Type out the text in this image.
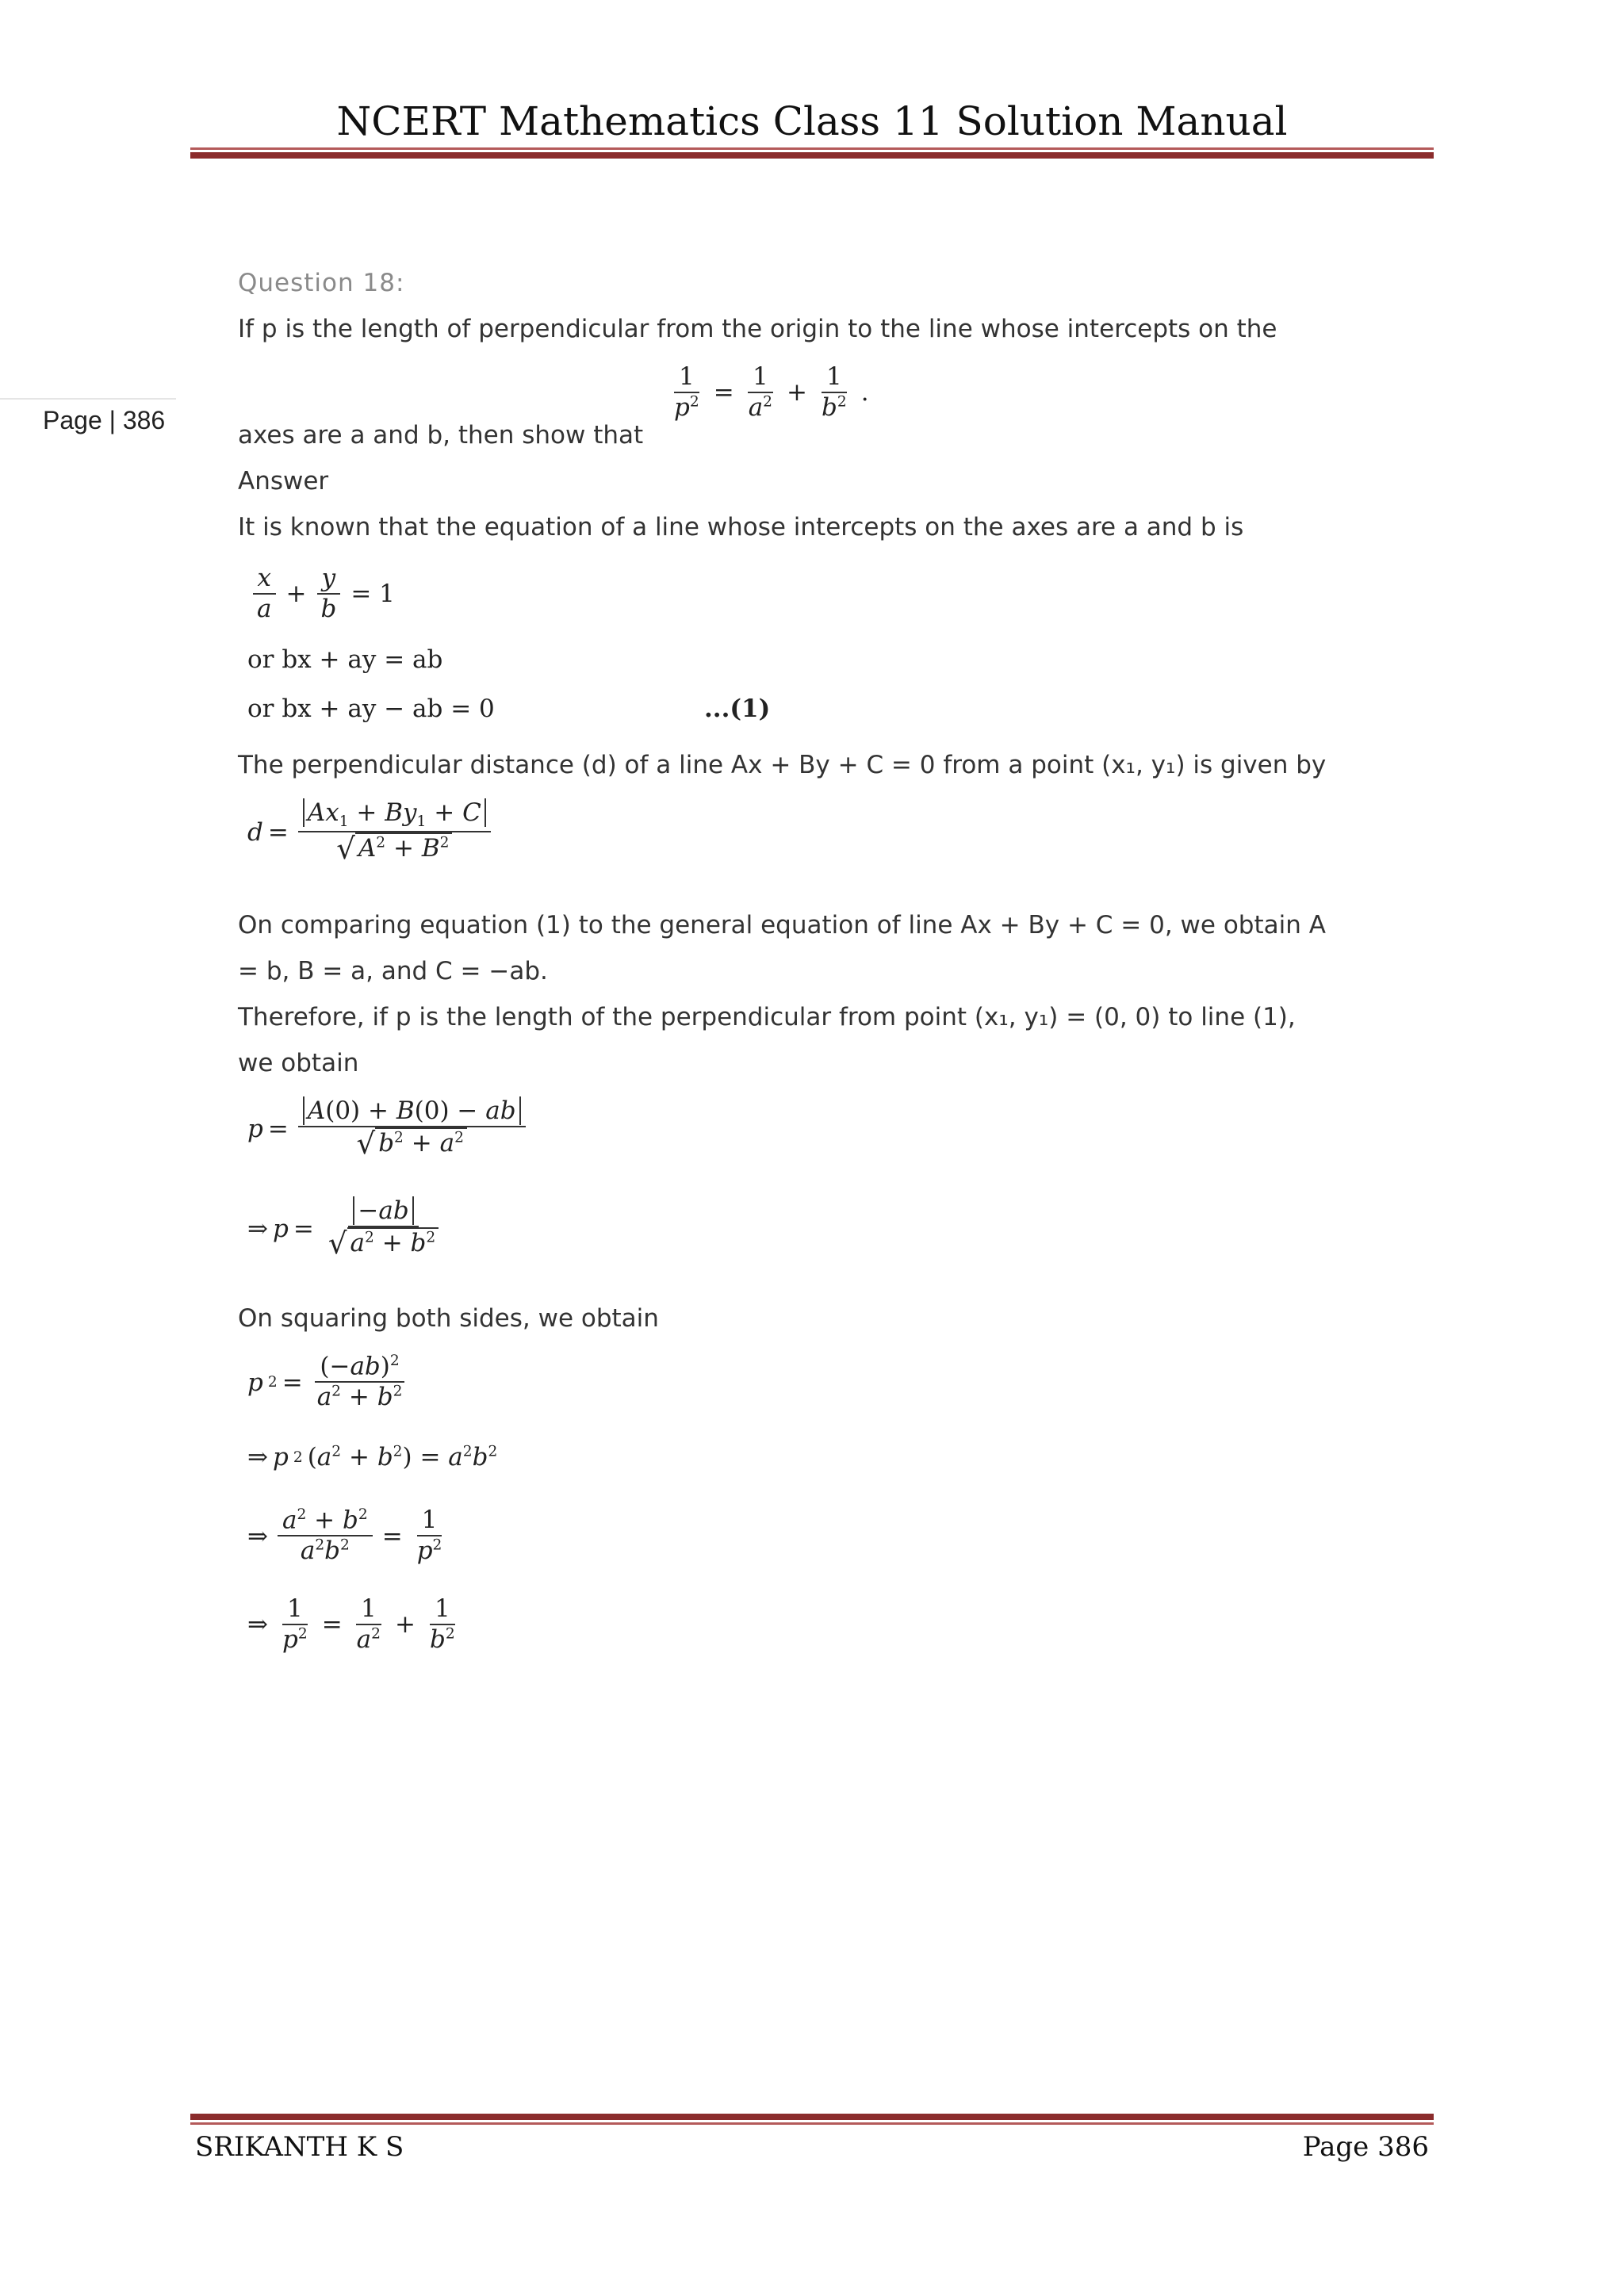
NCERT Mathematics Class 11 Solution Manual
Page | 386
Question 18:
If p is the length of perpendicular from the origin to the line whose intercepts on the
axes are a and b, then show that
$\frac{1}{p^2} = \frac{1}{a^2} + \frac{1}{b^2}$ .
Answer
It is known that the equation of a line whose intercepts on the axes are a and b is
$\frac{x}{a} + \frac{y}{b} = 1$
or bx + ay = ab
or bx + ay − ab = 0	...(1)
The perpendicular distance (d) of a line Ax + By + C = 0 from a point (x₁, y₁) is given by
$d = \frac{Ax_1 + By_1 + C}{√ A^2 + B^2}$
On comparing equation (1) to the general equation of line Ax + By + C = 0, we obtain A
= b, B = a, and C = −ab.
Therefore, if p is the length of the perpendicular from point (x₁, y₁) = (0, 0) to line (1),
we obtain
$p = \frac{A(0) + B(0) - ab}{√ b^2 + a^2}$
⇒ $p = \frac{-ab}{√ a^2 + b^2}$
On squaring both sides, we obtain
p $2 = \frac{(-ab)^2}{a^2 + b^2}$
⇒ p 2 $(a^2 + b^2) = a^2b^2$
⇒ $\frac{a^2 + b^2}{a^2b^2} = \frac{1}{p^2}$
⇒ $\frac{1}{p^2} = \frac{1}{a^2} + \frac{1}{b^2}$
SRIKANTH K S	Page 386
